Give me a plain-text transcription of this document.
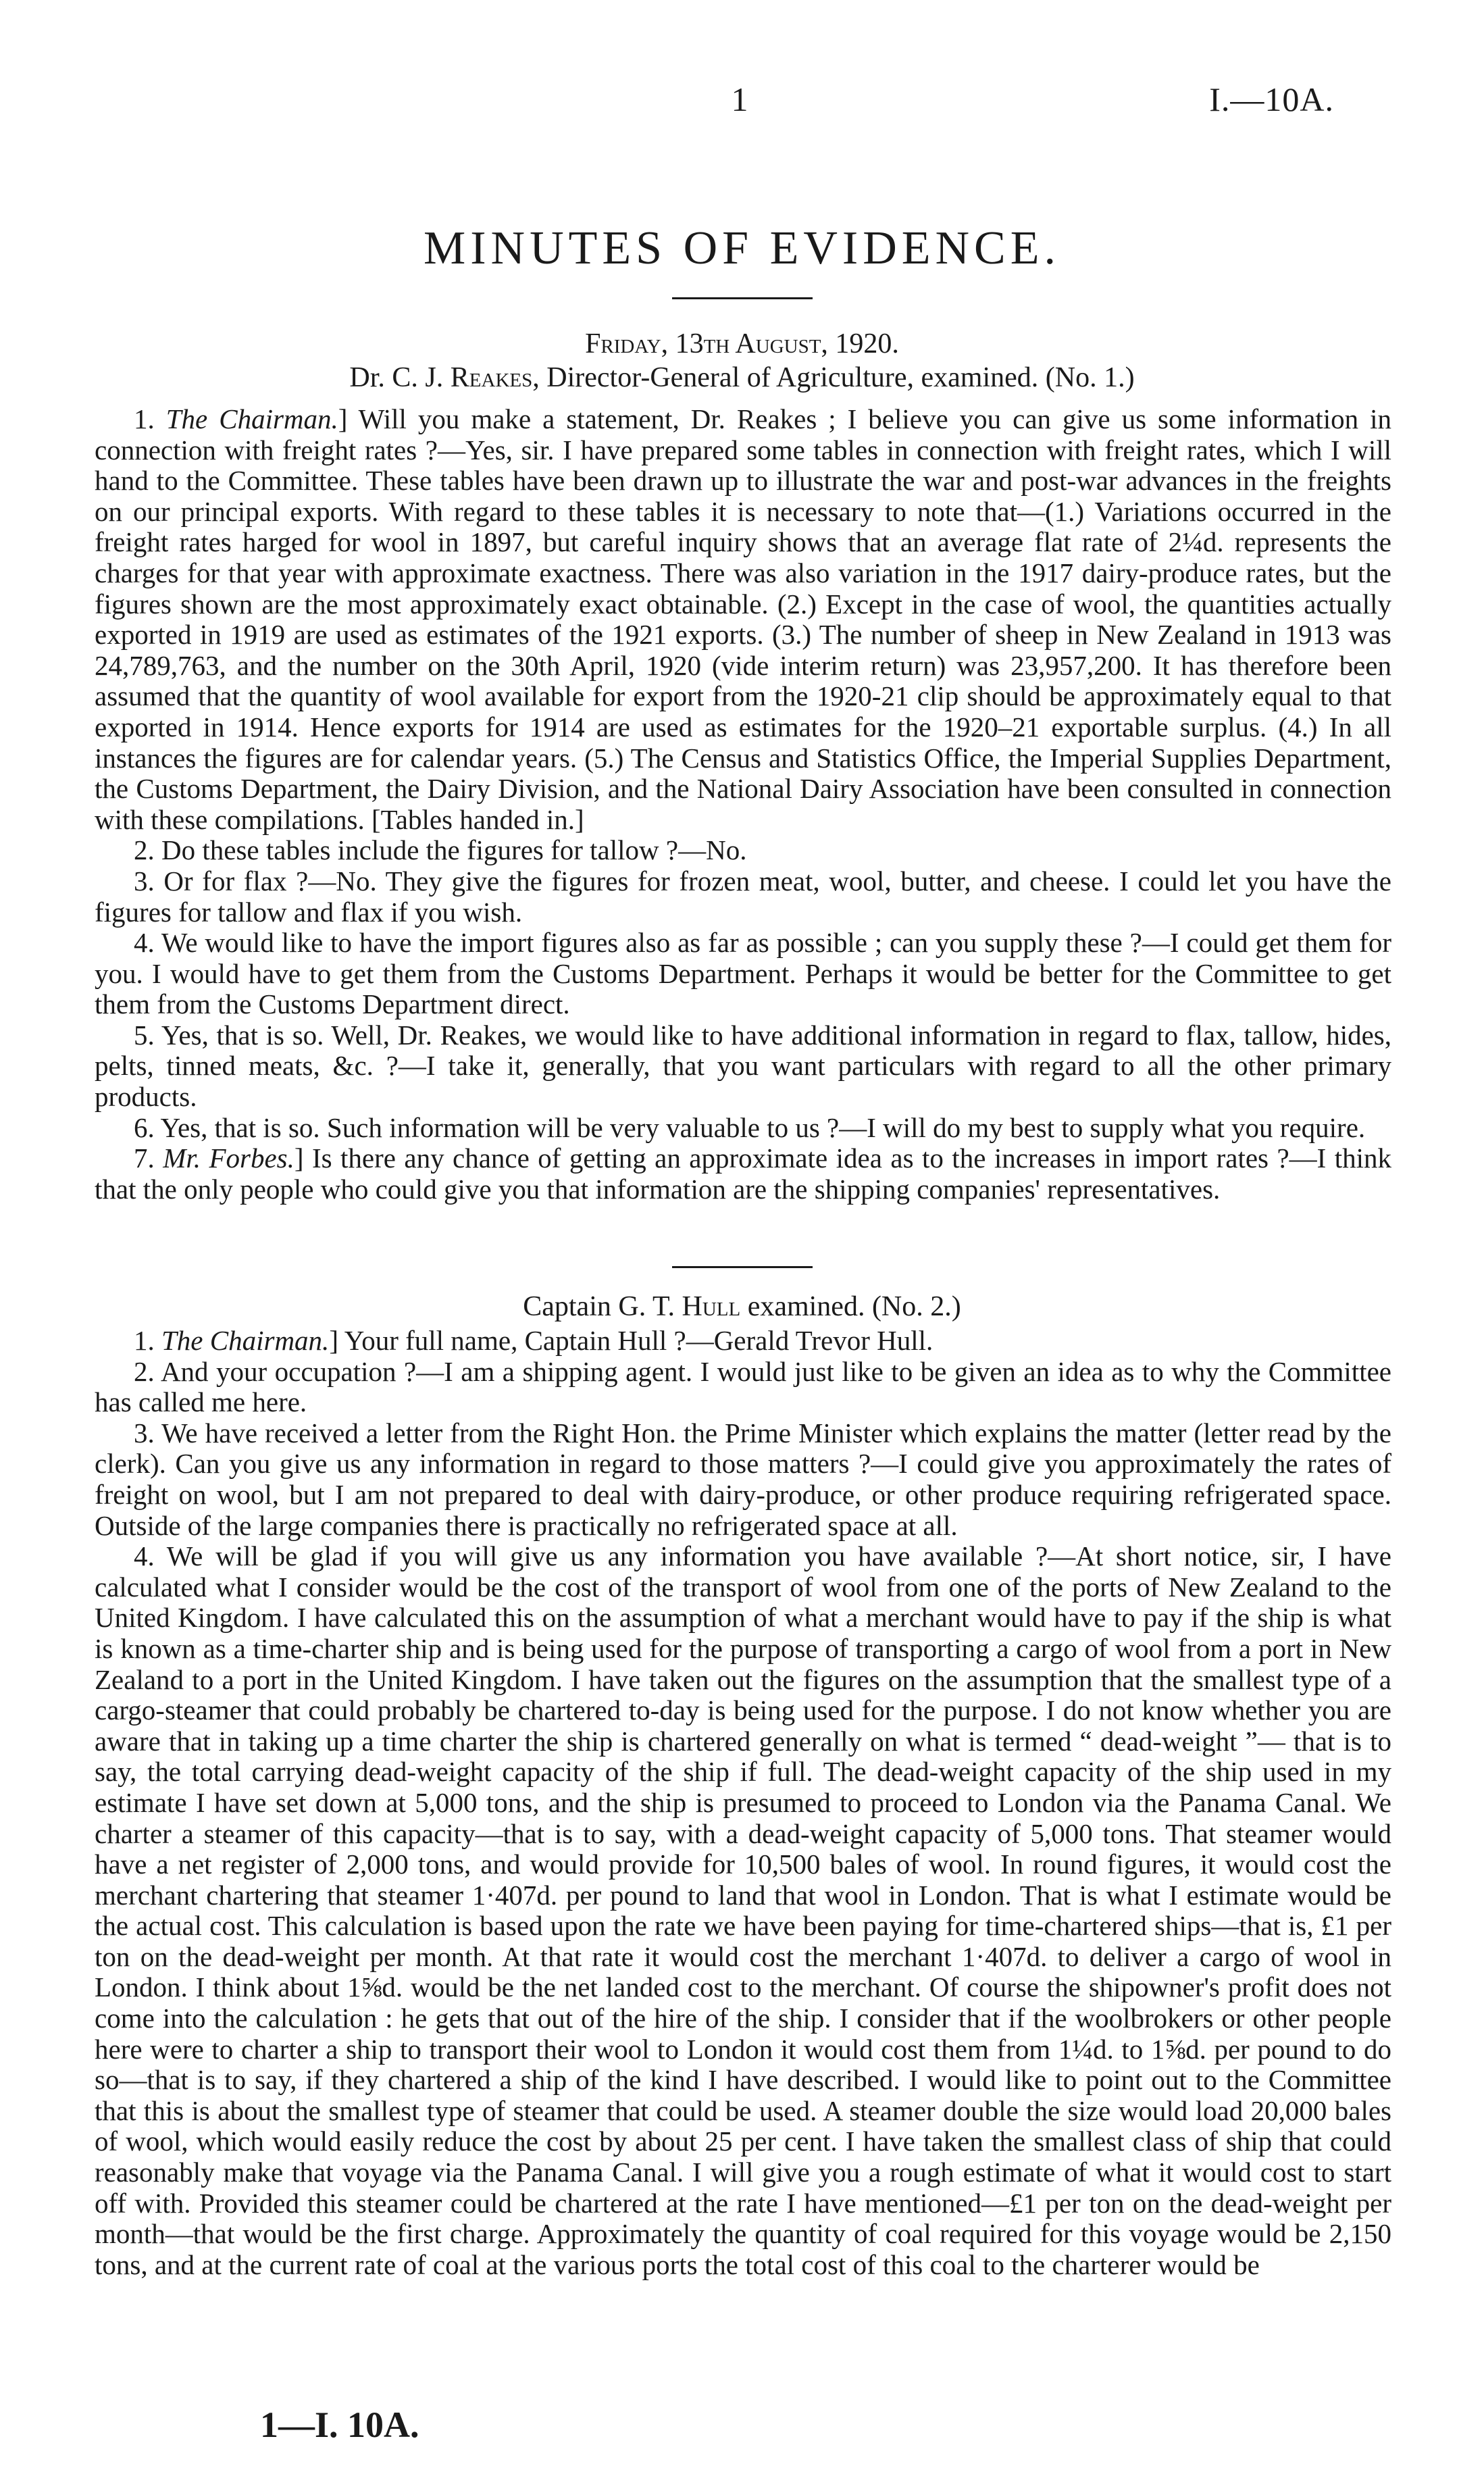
1	I.—10A.
MINUTES OF EVIDENCE.
Friday, 13th August, 1920.
Dr. C. J. Reakes, Director-General of Agriculture, examined. (No. 1.)

1. The Chairman.] Will you make a statement, Dr. Reakes ; I believe you can give us some information in connection with freight rates ?—Yes, sir. I have prepared some tables in connection with freight rates, which I will hand to the Committee. These tables have been drawn up to illustrate the war and post-war advances in the freights on our principal exports. With regard to these tables it is necessary to note that—(1.) Variations occurred in the freight rates harged for wool in 1897, but careful inquiry shows that an average flat rate of 2¼d. represents the charges for that year with approximate exactness. There was also variation in the 1917 dairy-produce rates, but the figures shown are the most approximately exact obtainable. (2.) Except in the case of wool, the quantities actually exported in 1919 are used as estimates of the 1921 exports. (3.) The number of sheep in New Zealand in 1913 was 24,789,763, and the number on the 30th April, 1920 (vide interim return) was 23,957,200. It has therefore been assumed that the quantity of wool available for export from the 1920-21 clip should be approximately equal to that exported in 1914. Hence exports for 1914 are used as estimates for the 1920–21 exportable surplus. (4.) In all instances the figures are for calendar years. (5.) The Census and Statistics Office, the Imperial Supplies Department, the Customs Department, the Dairy Division, and the National Dairy Association have been consulted in connection with these compilations. [Tables handed in.]

2. Do these tables include the figures for tallow ?—No.

3. Or for flax ?—No. They give the figures for frozen meat, wool, butter, and cheese. I could let you have the figures for tallow and flax if you wish.

4. We would like to have the import figures also as far as possible ; can you supply these ?—I could get them for you. I would have to get them from the Customs Department. Perhaps it would be better for the Committee to get them from the Customs Department direct.

5. Yes, that is so. Well, Dr. Reakes, we would like to have additional information in regard to flax, tallow, hides, pelts, tinned meats, &c. ?—I take it, generally, that you want particulars with regard to all the other primary products.

6. Yes, that is so. Such information will be very valuable to us ?—I will do my best to supply what you require.

7. Mr. Forbes.] Is there any chance of getting an approximate idea as to the increases in import rates ?—I think that the only people who could give you that information are the shipping companies' representatives.

Captain G. T. Hull examined. (No. 2.)

1. The Chairman.] Your full name, Captain Hull ?—Gerald Trevor Hull.

2. And your occupation ?—I am a shipping agent. I would just like to be given an idea as to why the Committee has called me here.

3. We have received a letter from the Right Hon. the Prime Minister which explains the matter (letter read by the clerk). Can you give us any information in regard to those matters ?—I could give you approximately the rates of freight on wool, but I am not prepared to deal with dairy-produce, or other produce requiring refrigerated space. Outside of the large companies there is practically no refrigerated space at all.

4. We will be glad if you will give us any information you have available ?—At short notice, sir, I have calculated what I consider would be the cost of the transport of wool from one of the ports of New Zealand to the United Kingdom. I have calculated this on the assumption of what a merchant would have to pay if the ship is what is known as a time-charter ship and is being used for the purpose of transporting a cargo of wool from a port in New Zealand to a port in the United Kingdom. I have taken out the figures on the assumption that the smallest type of a cargo-steamer that could probably be chartered to-day is being used for the purpose. I do not know whether you are aware that in taking up a time charter the ship is chartered generally on what is termed “ dead-weight ”— that is to say, the total carrying dead-weight capacity of the ship if full. The dead-weight capacity of the ship used in my estimate I have set down at 5,000 tons, and the ship is presumed to proceed to London via the Panama Canal. We charter a steamer of this capacity—that is to say, with a dead-weight capacity of 5,000 tons. That steamer would have a net register of 2,000 tons, and would provide for 10,500 bales of wool. In round figures, it would cost the merchant chartering that steamer 1·407d. per pound to land that wool in London. That is what I estimate would be the actual cost. This calculation is based upon the rate we have been paying for time-chartered ships—that is, £1 per ton on the dead-weight per month. At that rate it would cost the merchant 1·407d. to deliver a cargo of wool in London. I think about 1⅝d. would be the net landed cost to the merchant. Of course the shipowner's profit does not come into the calculation : he gets that out of the hire of the ship. I consider that if the woolbrokers or other people here were to charter a ship to transport their wool to London it would cost them from 1¼d. to 1⅝d. per pound to do so—that is to say, if they chartered a ship of the kind I have described. I would like to point out to the Committee that this is about the smallest type of steamer that could be used. A steamer double the size would load 20,000 bales of wool, which would easily reduce the cost by about 25 per cent. I have taken the smallest class of ship that could reasonably make that voyage via the Panama Canal. I will give you a rough estimate of what it would cost to start off with. Provided this steamer could be chartered at the rate I have mentioned—£1 per ton on the dead-weight per month—that would be the first charge. Approximately the quantity of coal required for this voyage would be 2,150 tons, and at the current rate of coal at the various ports the total cost of this coal to the charterer would be

1—I. 10A.
